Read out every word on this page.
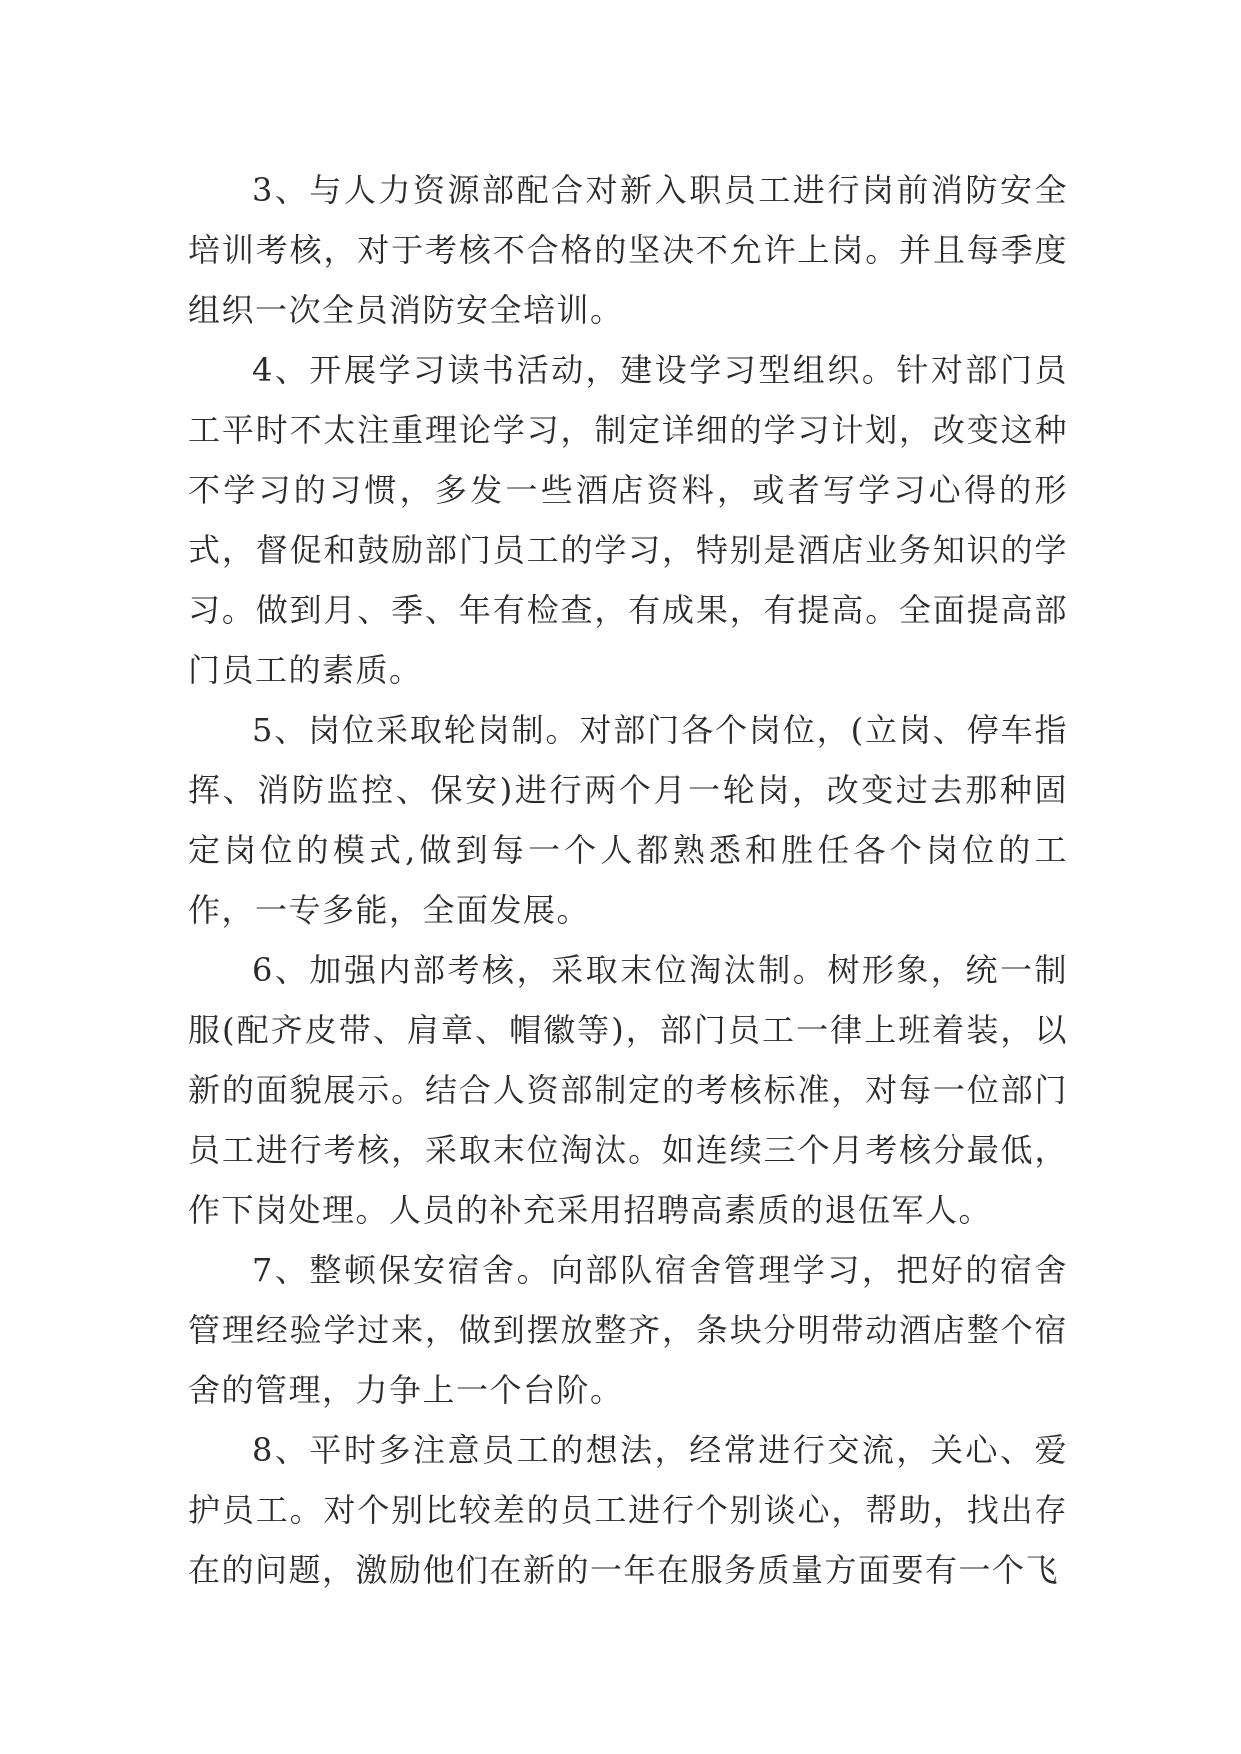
3、与人力资源部配合对新入职员工进行岗前消防安全培训考核，对于考核不合格的坚决不允许上岗。并且每季度组织一次全员消防安全培训。

4、开展学习读书活动，建设学习型组织。针对部门员工平时不太注重理论学习，制定详细的学习计划，改变这种不学习的习惯，多发一些酒店资料，或者写学习心得的形式，督促和鼓励部门员工的学习，特别是酒店业务知识的学习。做到月、季、年有检查，有成果，有提高。全面提高部门员工的素质。

5、岗位采取轮岗制。对部门各个岗位，(立岗、停车指挥、消防监控、保安)进行两个月一轮岗，改变过去那种固定岗位的模式,做到每一个人都熟悉和胜任各个岗位的工作，一专多能，全面发展。

6、加强内部考核，采取末位淘汰制。树形象，统一制服(配齐皮带、肩章、帽徽等)，部门员工一律上班着装，以新的面貌展示。结合人资部制定的考核标准，对每一位部门员工进行考核，采取末位淘汰。如连续三个月考核分最低，作下岗处理。人员的补充采用招聘高素质的退伍军人。

7、整顿保安宿舍。向部队宿舍管理学习，把好的宿舍管理经验学过来，做到摆放整齐，条块分明带动酒店整个宿舍的管理，力争上一个台阶。

8、平时多注意员工的想法，经常进行交流，关心、爱护员工。对个别比较差的员工进行个别谈心，帮助，找出存在的问题，激励他们在新的一年在服务质量方面要有一个飞
